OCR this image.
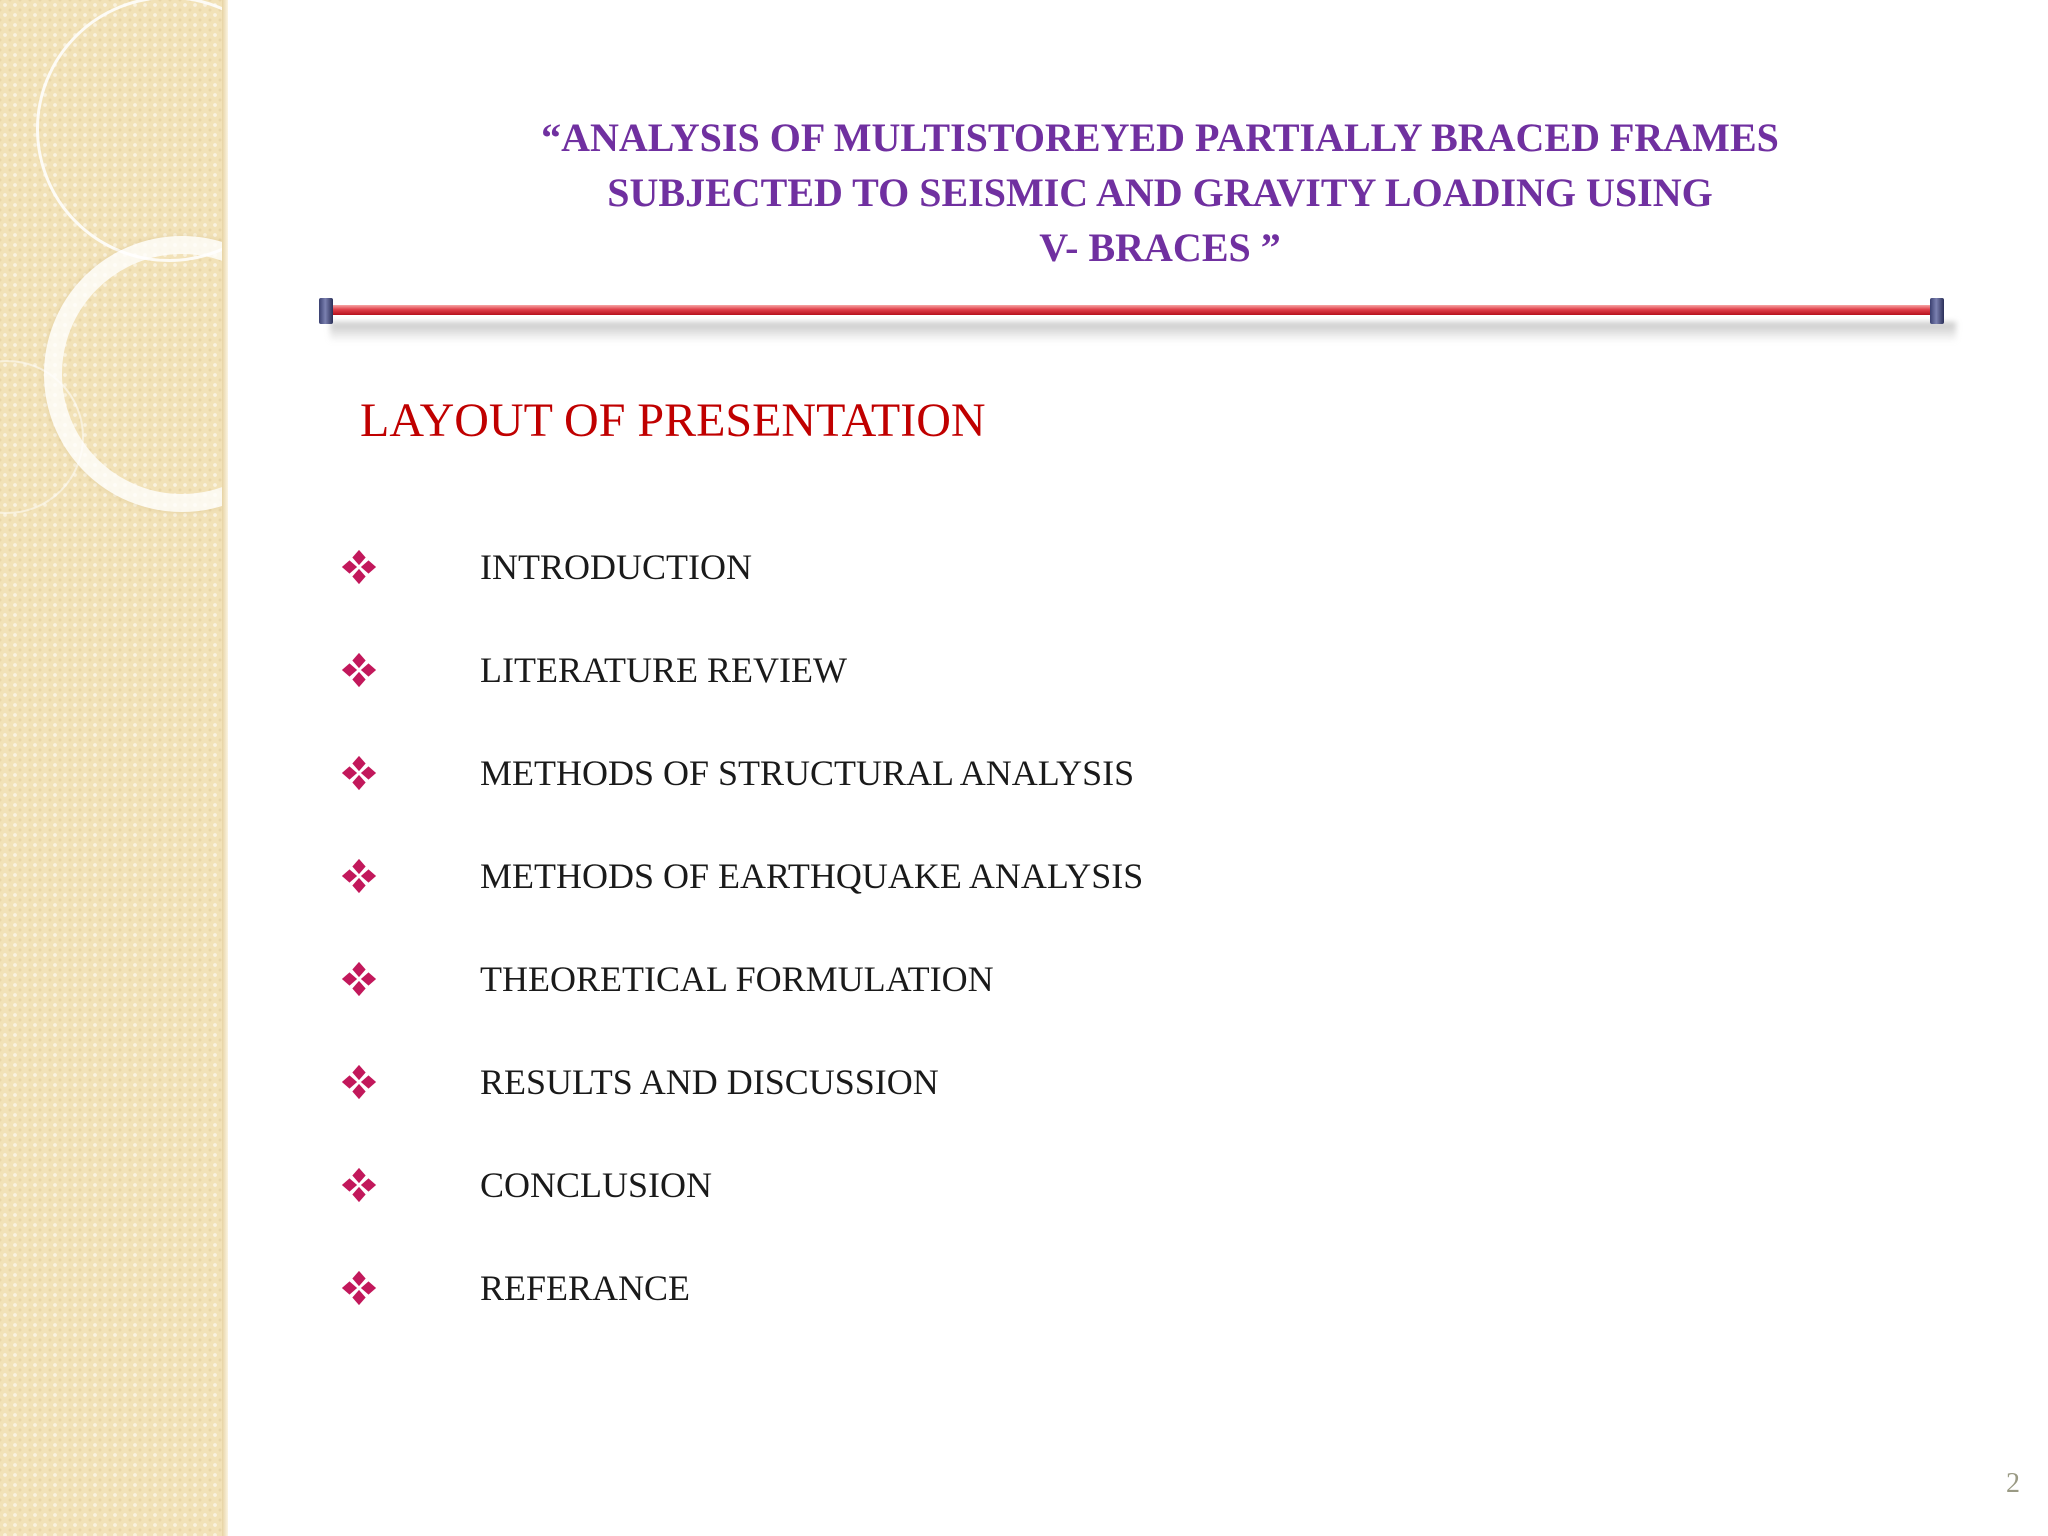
“ANALYSIS OF MULTISTOREYED PARTIALLY BRACED FRAMES
SUBJECTED TO SEISMIC AND GRAVITY LOADING USING
V- BRACES ”
LAYOUT OF PRESENTATION
INTRODUCTION
LITERATURE REVIEW
METHODS OF STRUCTURAL ANALYSIS
METHODS OF EARTHQUAKE ANALYSIS
THEORETICAL FORMULATION
RESULTS AND DISCUSSION
CONCLUSION
REFERANCE
2
